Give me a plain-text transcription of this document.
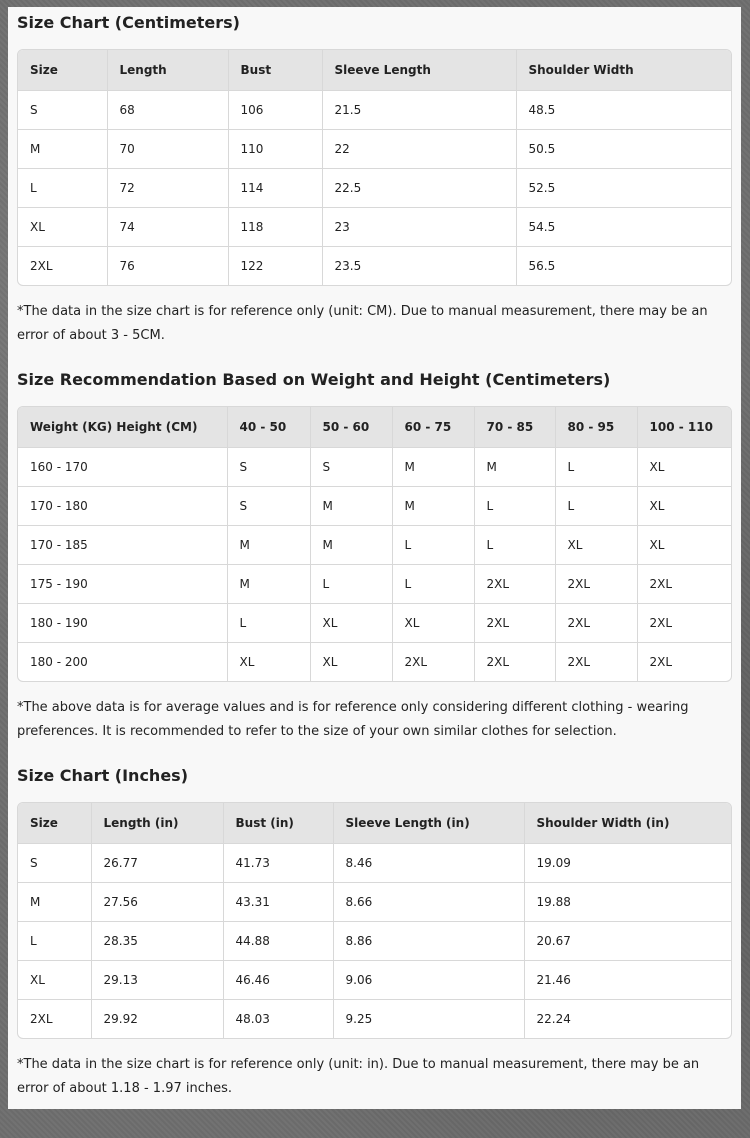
Size Chart (Centimeters)
Size	Length	Bust	Sleeve Length	Shoulder Width
S	68	106	21.5	48.5
M	70	110	22	50.5
L	72	114	22.5	52.5
XL	74	118	23	54.5
2XL	76	122	23.5	56.5

*The data in the size chart is for reference only (unit: CM). Due to manual measurement, there may be an error of about 3 - 5CM.

Size Recommendation Based on Weight and Height (Centimeters)
Weight (KG) Height (CM)	40 - 50	50 - 60	60 - 75	70 - 85	80 - 95	100 - 110
160 - 170	S	S	M	M	L	XL
170 - 180	S	M	M	L	L	XL
170 - 185	M	M	L	L	XL	XL
175 - 190	M	L	L	2XL	2XL	2XL
180 - 190	L	XL	XL	2XL	2XL	2XL
180 - 200	XL	XL	2XL	2XL	2XL	2XL

*The above data is for average values and is for reference only considering different clothing - wearing preferences. It is recommended to refer to the size of your own similar clothes for selection.

Size Chart (Inches)
Size	Length (in)	Bust (in)	Sleeve Length (in)	Shoulder Width (in)
S	26.77	41.73	8.46	19.09
M	27.56	43.31	8.66	19.88
L	28.35	44.88	8.86	20.67
XL	29.13	46.46	9.06	21.46
2XL	29.92	48.03	9.25	22.24

*The data in the size chart is for reference only (unit: in). Due to manual measurement, there may be an error of about 1.18 - 1.97 inches.
